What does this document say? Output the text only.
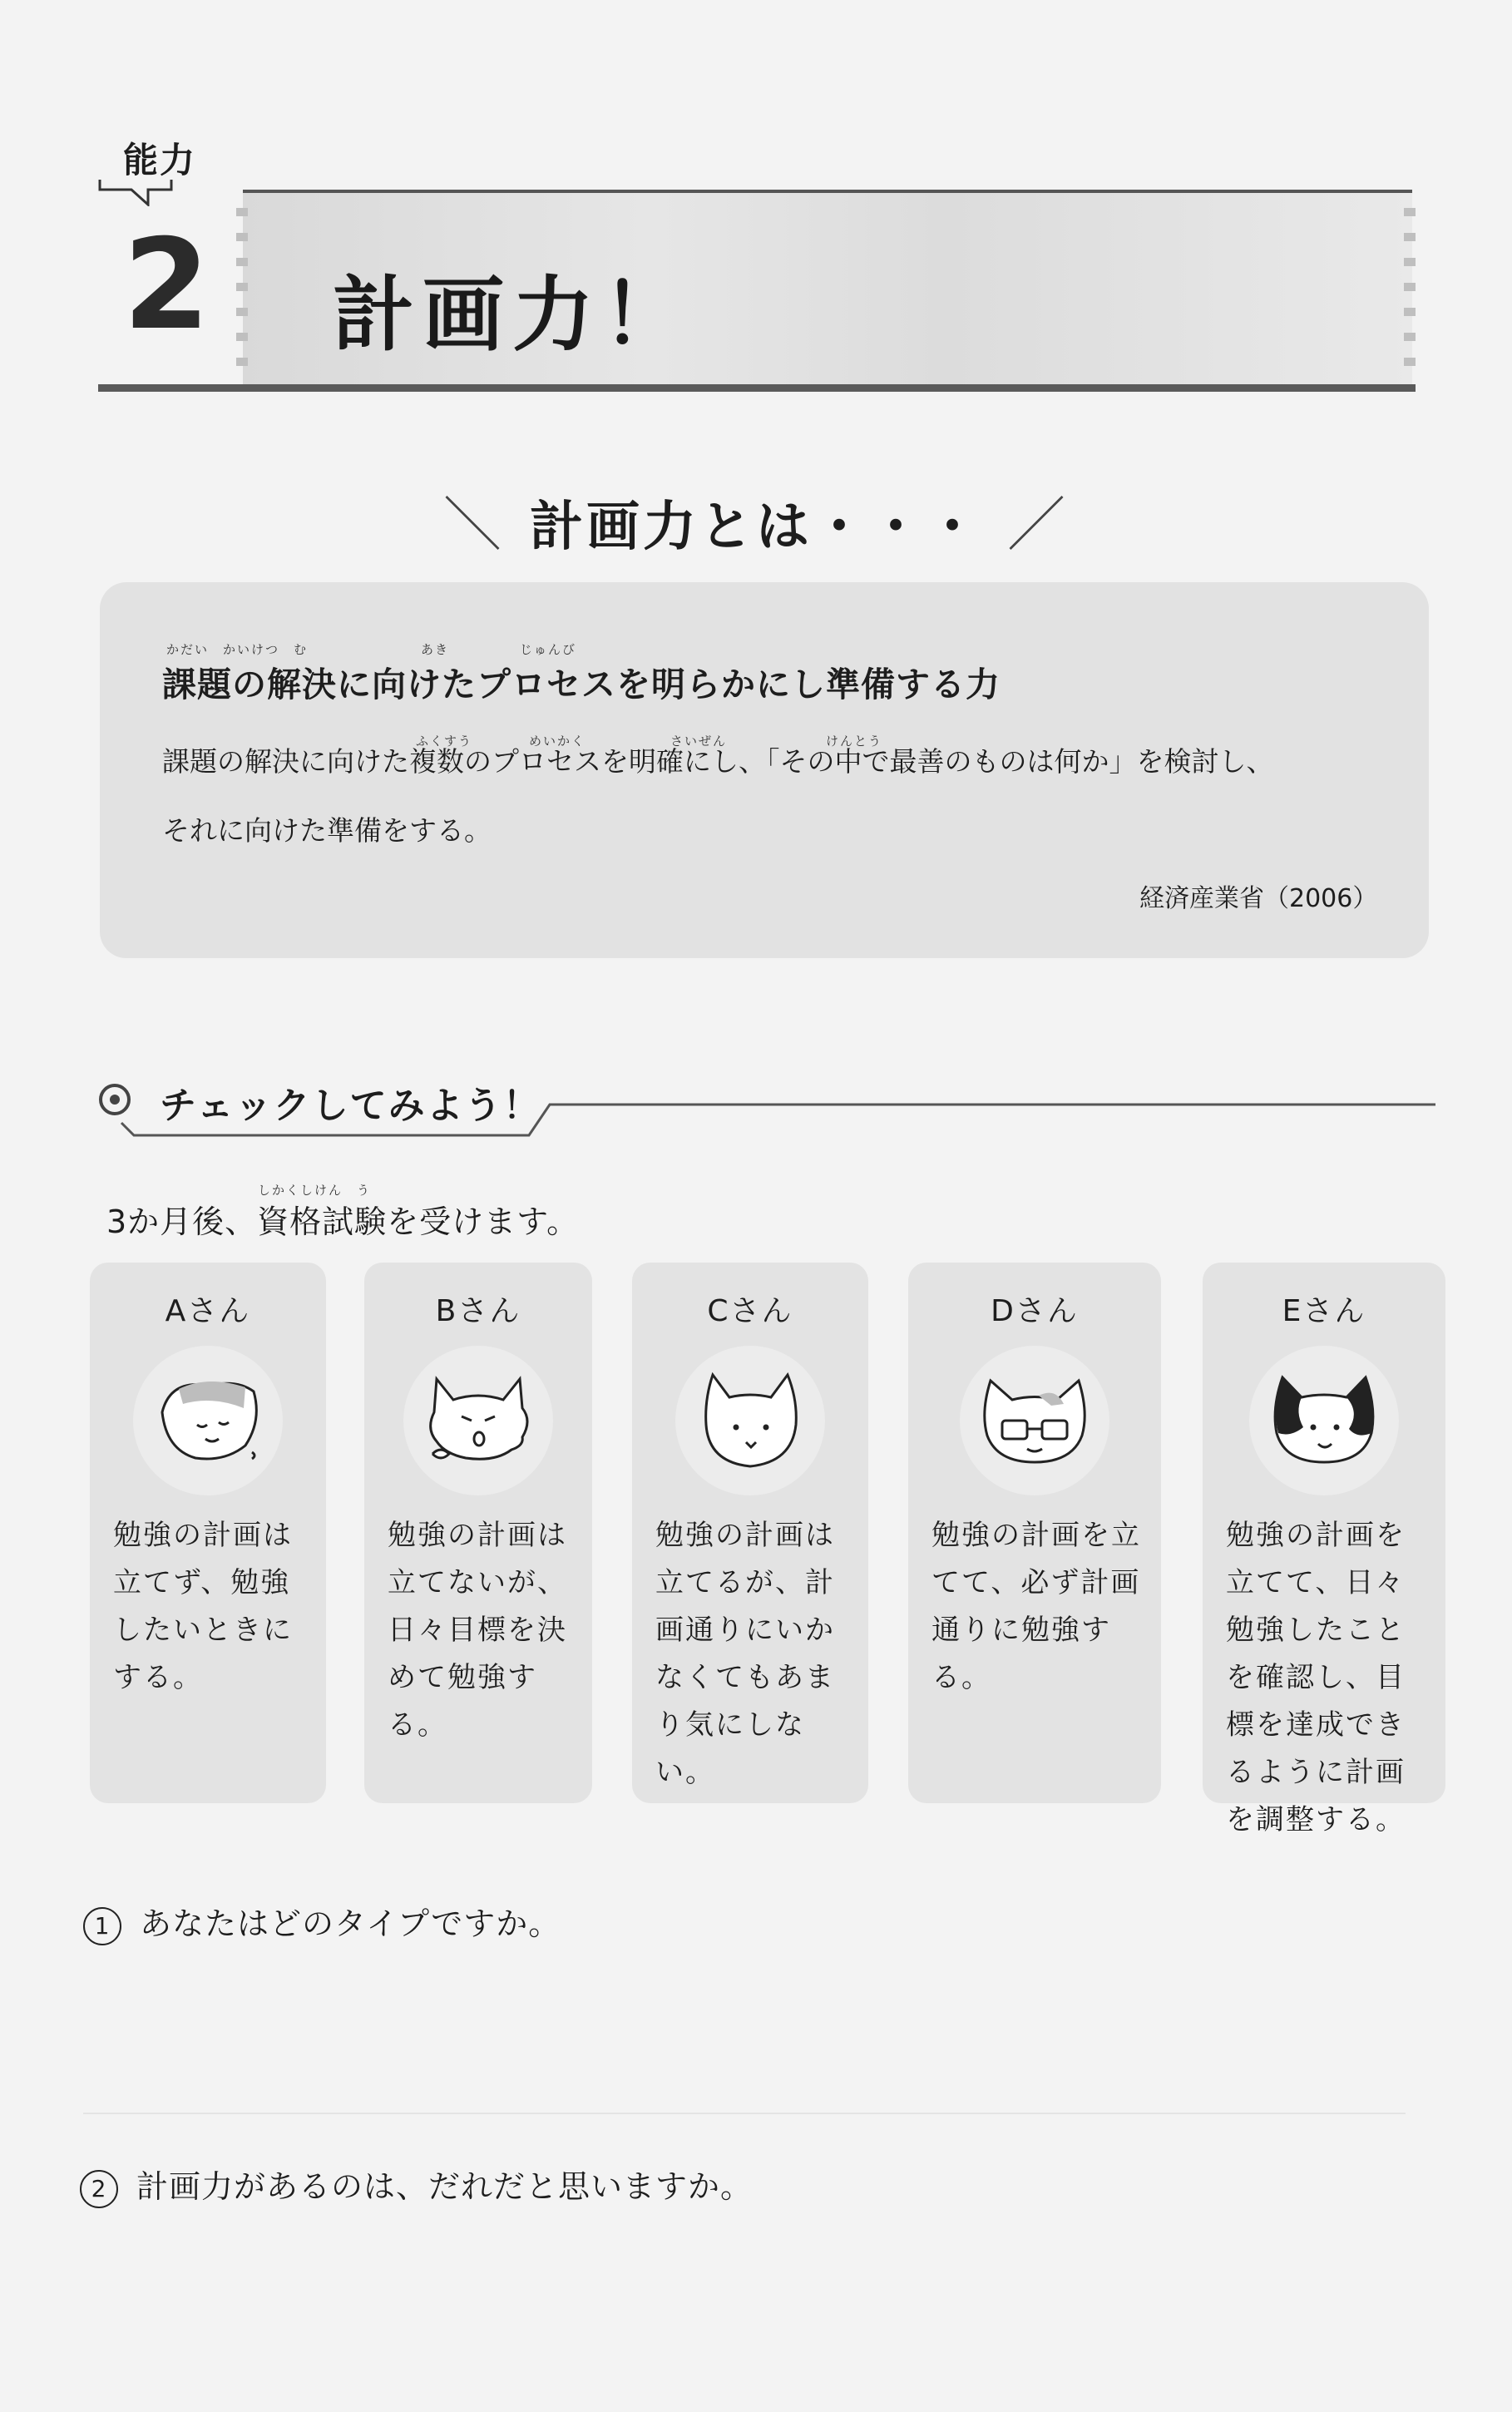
能力
2 計画力！
＼ 計画力とは・・・ ／
かだい　かいけつ　む　　　　　　　　あき　　　　　じゅんび
課題の解決に向けたプロセスを明らかにし準備する力
ふくすう　　　　めいかく　　　　　　さいぜん　　　　　　　けんとう
課題の解決に向けた複数のプロセスを明確にし、「その中で最善のものは何か」を検討し、
それに向けた準備をする。
経済産業省（2006）
チェックしてみよう！
しかくしけん　う
3か月後、資格試験を受けます。
Aさん
勉強の計画は立てず、勉強したいときにする。
Bさん
勉強の計画は立てないが、日々目標を決めて勉強する。
Cさん
勉強の計画は立てるが、計画通りにいかなくてもあまり気にしない。
Dさん
勉強の計画を立てて、必ず計画通りに勉強する。
Eさん
勉強の計画を立てて、日々勉強したことを確認し、目標を達成できるように計画を調整する。
1 あなたはどのタイプですか。
2 計画力があるのは、だれだと思いますか。
